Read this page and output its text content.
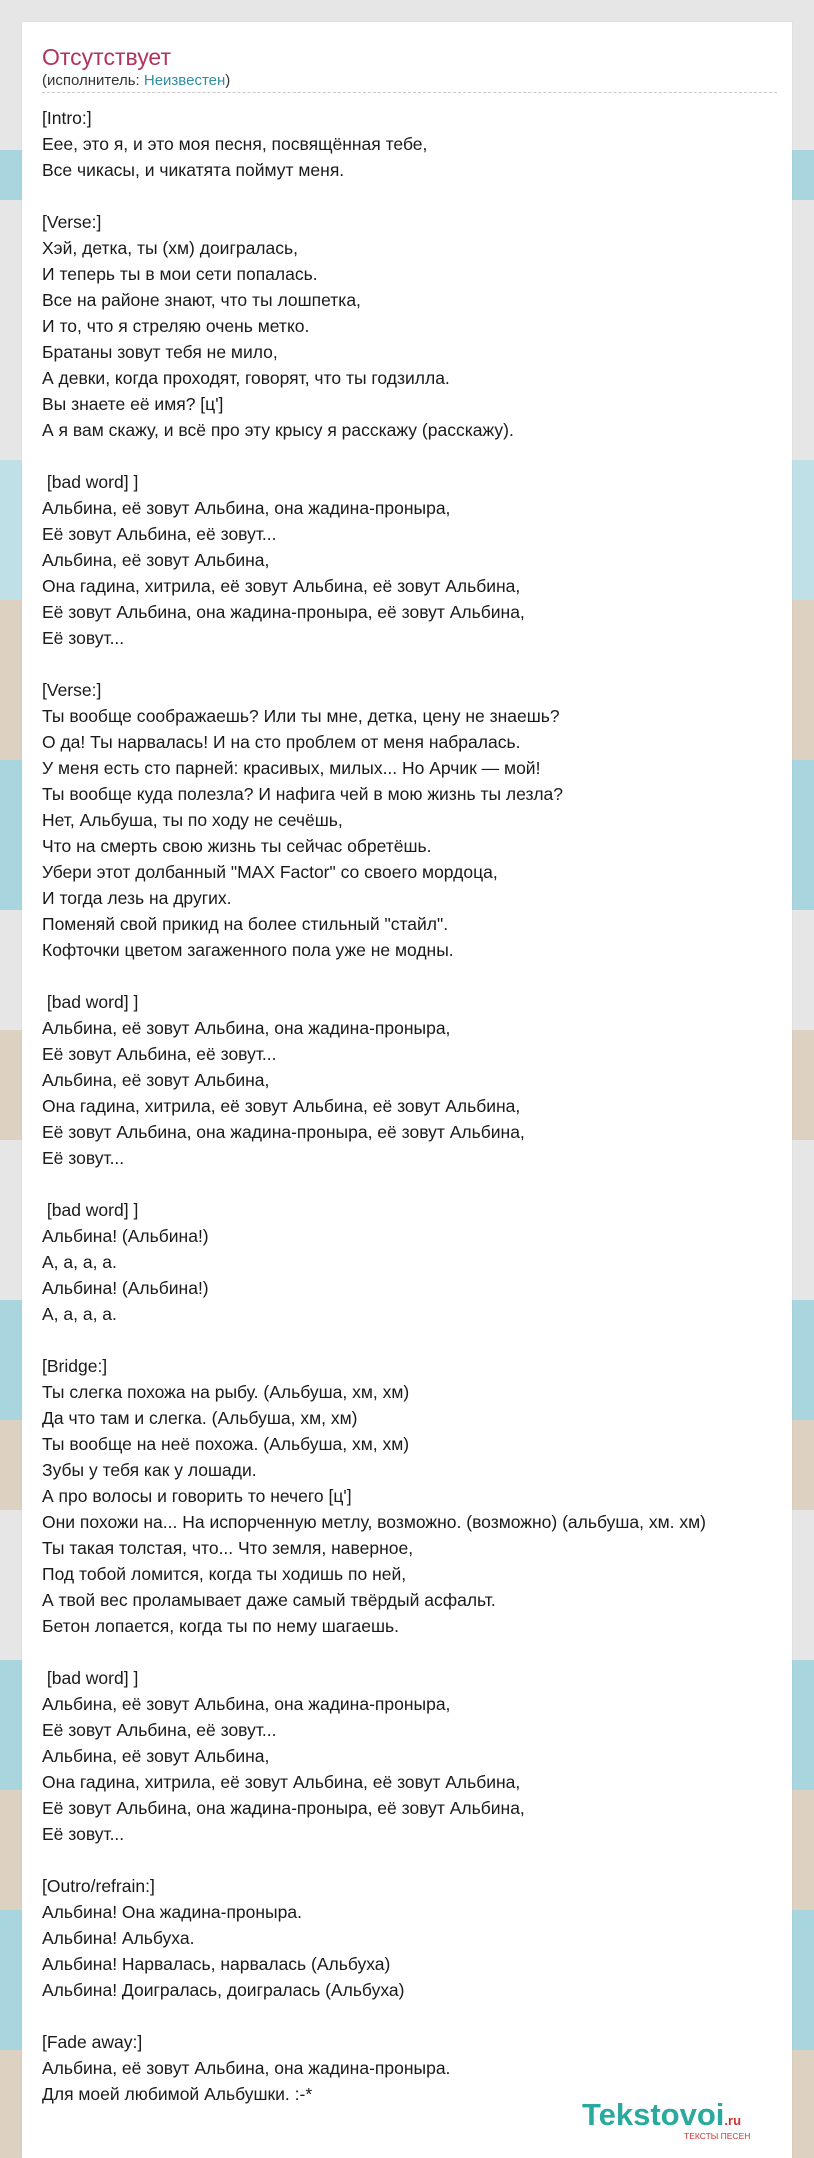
Отсутствует
(исполнитель: Неизвестен)
[Intro:]
Еее, это я, и это моя песня, посвящённая тебе,
Все чикасы, и чикатята поймут меня.

[Verse:]
Хэй, детка, ты (хм) доигралась,
И теперь ты в мои сети попалась.
Все на районе знают, что ты лошпетка,
И то, что я стреляю очень метко.
Братаны зовут тебя не мило,
А девки, когда проходят, говорят, что ты годзилла.
Вы знаете её имя? [ц']
А я вам скажу, и всё про эту крысу я расскажу (расскажу).

[bad word] ]
Альбина, её зовут Альбина, она жадина-проныра,
Её зовут Альбина, её зовут...
Альбина, её зовут Альбина,
Она гадина, хитрила, её зовут Альбина, её зовут Альбина,
Её зовут Альбина, она жадина-проныра, её зовут Альбина,
Её зовут...

[Verse:]
Ты вообще соображаешь? Или ты мне, детка, цену не знаешь?
О да! Ты нарвалась! И на сто проблем от меня набралась.
У меня есть сто парней: красивых, милых... Но Арчик — мой!
Ты вообще куда полезла? И нафига чей в мою жизнь ты лезла?
Нет, Альбуша, ты по ходу не сечёшь,
Что на смерть свою жизнь ты сейчас обретёшь.
Убери этот долбанный "MAX Factor" со своего мордоца,
И тогда лезь на других.
Поменяй свой прикид на более стильный "стайл".
Кофточки цветом загаженного пола уже не модны.

[bad word] ]
Альбина, её зовут Альбина, она жадина-проныра,
Её зовут Альбина, её зовут...
Альбина, её зовут Альбина,
Она гадина, хитрила, её зовут Альбина, её зовут Альбина,
Её зовут Альбина, она жадина-проныра, её зовут Альбина,
Её зовут...

[bad word] ]
Альбина! (Альбина!)
А, а, а, а.
Альбина! (Альбина!)
А, а, а, а.

[Bridge:]
Ты слегка похожа на рыбу. (Альбуша, хм, хм)
Да что там и слегка. (Альбуша, хм, хм)
Ты вообще на неё похожа. (Альбуша, хм, хм)
Зубы у тебя как у лошади.
А про волосы и говорить то нечего [ц']
Они похожи на... На испорченную метлу, возможно. (возможно) (альбуша, хм. хм)
Ты такая толстая, что... Что земля, наверное,
Под тобой ломится, когда ты ходишь по ней,
А твой вес проламывает даже самый твёрдый асфальт.
Бетон лопается, когда ты по нему шагаешь.

[bad word] ]
Альбина, её зовут Альбина, она жадина-проныра,
Её зовут Альбина, её зовут...
Альбина, её зовут Альбина,
Она гадина, хитрила, её зовут Альбина, её зовут Альбина,
Её зовут Альбина, она жадина-проныра, её зовут Альбина,
Её зовут...

[Outro/refrain:]
Альбина! Она жадина-проныра.
Альбина! Альбуха.
Альбина! Нарвалась, нарвалась (Альбуха)
Альбина! Доигралась, доигралась (Альбуха)

[Fade away:]
Альбина, её зовут Альбина, она жадина-проныра.
Для моей любимой Альбушки. :-*
Tekstovoi.ru
ТЕКСТЫ ПЕСЕН
